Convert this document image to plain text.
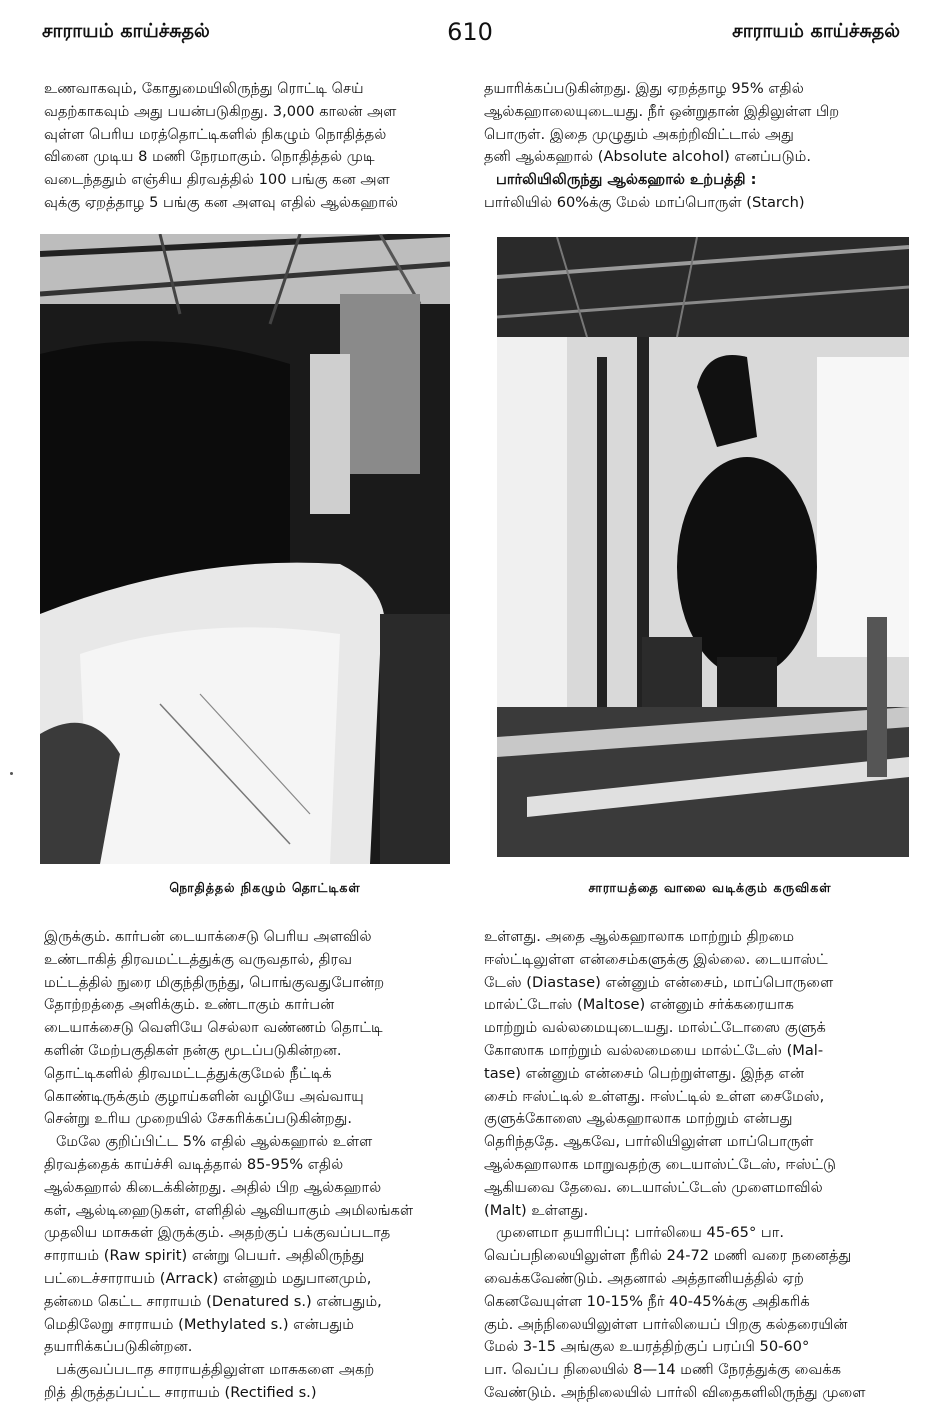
சாராயம் காய்ச்சுதல்	610	சாராயம் காய்ச்சுதல்

உணவாகவும், கோதுமையிலிருந்து ரொட்டி செய்

வதற்காகவும் அது பயன்படுகிறது. 3,000 காலன் அள

வுள்ள பெரிய மரத்தொட்டிகளில் நிகழும் நொதித்தல்

வினை முடிய 8 மணி நேரமாகும். நொதித்தல் முடி

வடைந்ததும் எஞ்சிய திரவத்தில் 100 பங்கு கன அள

வுக்கு ஏறத்தாழ 5 பங்கு கன அளவு எதில் ஆல்கஹால்

தயாரிக்கப்படுகின்றது. இது ஏறத்தாழ 95% எதில்

ஆல்கஹாலையுடையது. நீர் ஒன்றுதான் இதிலுள்ள பிற

பொருள். இதை முழுதும் அகற்றிவிட்டால் அது

தனி ஆல்கஹால் (Absolute alcohol) எனப்படும்.

பார்லியிலிருந்து ஆல்கஹால் உற்பத்தி :

பார்லியில் 60%க்கு மேல் மாப்பொருள் (Starch)

நொதித்தல் நிகழும் தொட்டிகள்	சாராயத்தை வாலை வடிக்கும் கருவிகள்

இருக்கும். கார்பன் டையாக்சைடு பெரிய அளவில்

உண்டாகித் திரவமட்டத்துக்கு வருவதால், திரவ

மட்டத்தில் நுரை மிகுந்திருந்து, பொங்குவதுபோன்ற

தோற்றத்தை அளிக்கும். உண்டாகும் கார்பன்

டையாக்சைடு வெளியே செல்லா வண்ணம் தொட்டி

களின் மேற்பகுதிகள் நன்கு மூடப்படுகின்றன.

தொட்டிகளில் திரவமட்டத்துக்குமேல் நீட்டிக்

கொண்டிருக்கும் குழாய்களின் வழியே அவ்வாயு

சென்று உரிய முறையில் சேகரிக்கப்படுகின்றது.

மேலே குறிப்பிட்ட 5% எதில் ஆல்கஹால் உள்ள

திரவத்தைக் காய்ச்சி வடித்தால் 85-95% எதில்

ஆல்கஹால் கிடைக்கின்றது. அதில் பிற ஆல்கஹால்

கள், ஆல்டிஹைடுகள், எளிதில் ஆவியாகும் அமிலங்கள்

முதலிய மாசுகள் இருக்கும். அதற்குப் பக்குவப்படாத

சாராயம் (Raw spirit) என்று பெயர். அதிலிருந்து

பட்டைச்சாராயம் (Arrack) என்னும் மதுபானமும்,

தன்மை கெட்ட சாராயம் (Denatured s.) என்பதும்,

மெதிலேறு சாராயம் (Methylated s.) என்பதும்

தயாரிக்கப்படுகின்றன.

பக்குவப்படாத சாராயத்திலுள்ள மாசுகளை அகற்

றித் திருத்தப்பட்ட சாராயம் (Rectified s.)

உள்ளது. அதை ஆல்கஹாலாக மாற்றும் திறமை

ஈஸ்ட்டிலுள்ள என்சைம்களுக்கு இல்லை. டையாஸ்ட்

டேஸ் (Diastase) என்னும் என்சைம், மாப்பொருளை

மால்ட்டோஸ் (Maltose) என்னும் சர்க்கரையாக

மாற்றும் வல்லமையுடையது. மால்ட்டோஸை குளுக்

கோஸாக மாற்றும் வல்லமையை மால்ட்டேஸ் (Mal-

tase) என்னும் என்சைம் பெற்றுள்ளது. இந்த என்

சைம் ஈஸ்ட்டில் உள்ளது. ஈஸ்ட்டில் உள்ள சைமேஸ்,

குளுக்கோஸை ஆல்கஹாலாக மாற்றும் என்பது

தெரிந்ததே. ஆகவே, பார்லியிலுள்ள மாப்பொருள்

ஆல்கஹாலாக மாறுவதற்கு டையாஸ்ட்டேஸ், ஈஸ்ட்டு

ஆகியவை தேவை. டையாஸ்ட்டேஸ் முளைமாவில்

(Malt) உள்ளது.

முளைமா தயாரிப்பு: பார்லியை 45-65° பா.

வெப்பநிலையிலுள்ள நீரில் 24-72 மணி வரை நனைத்து

வைக்கவேண்டும். அதனால் அத்தானியத்தில் ஏற்

கெனவேயுள்ள 10-15% நீர் 40-45%க்கு அதிகரிக்

கும். அந்நிலையிலுள்ள பார்லியைப் பிறகு கல்தரையின்

மேல் 3-15 அங்குல உயரத்திற்குப் பரப்பி 50-60°

பா. வெப்ப நிலையில் 8—14 மணி நேரத்துக்கு வைக்க

வேண்டும். அந்நிலையில் பார்லி விதைகளிலிருந்து முளை
